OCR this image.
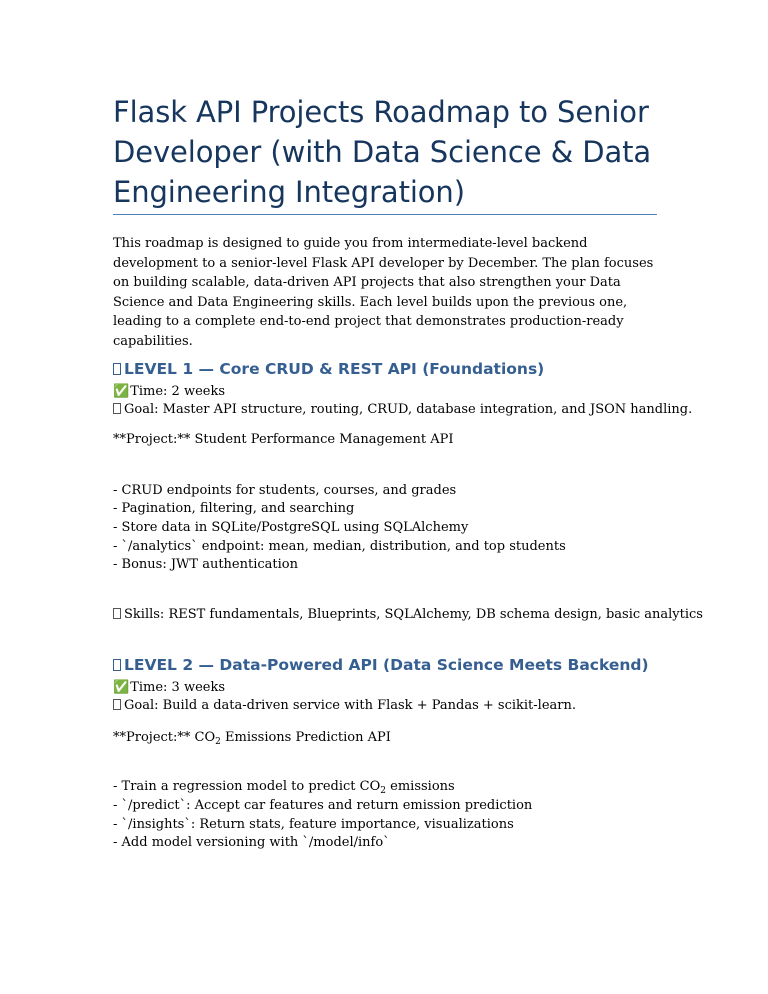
Flask API Projects Roadmap to Senior Developer (with Data Science & Data Engineering Integration)

This roadmap is designed to guide you from intermediate-level backend development to a senior-level Flask API developer by December. The plan focuses on building scalable, data-driven API projects that also strengthen your Data Science and Data Engineering skills. Each level builds upon the previous one, leading to a complete end-to-end project that demonstrates production-ready capabilities.

LEVEL 1 — Core CRUD & REST API (Foundations)
✅Time: 2 weeks
Goal: Master API structure, routing, CRUD, database integration, and JSON handling.
**Project:** Student Performance Management API
- CRUD endpoints for students, courses, and grades
- Pagination, filtering, and searching
- Store data in SQLite/PostgreSQL using SQLAlchemy
- `/analytics` endpoint: mean, median, distribution, and top students
- Bonus: JWT authentication
Skills: REST fundamentals, Blueprints, SQLAlchemy, DB schema design, basic analytics
LEVEL 2 — Data-Powered API (Data Science Meets Backend)
✅Time: 3 weeks
Goal: Build a data-driven service with Flask + Pandas + scikit-learn.
**Project:** $CO_2$ Emissions Prediction API
- Train a regression model to predict $CO_2$ emissions
- `/predict`: Accept car features and return emission prediction
- `/insights`: Return stats, feature importance, visualizations
- Add model versioning with `/model/info`
